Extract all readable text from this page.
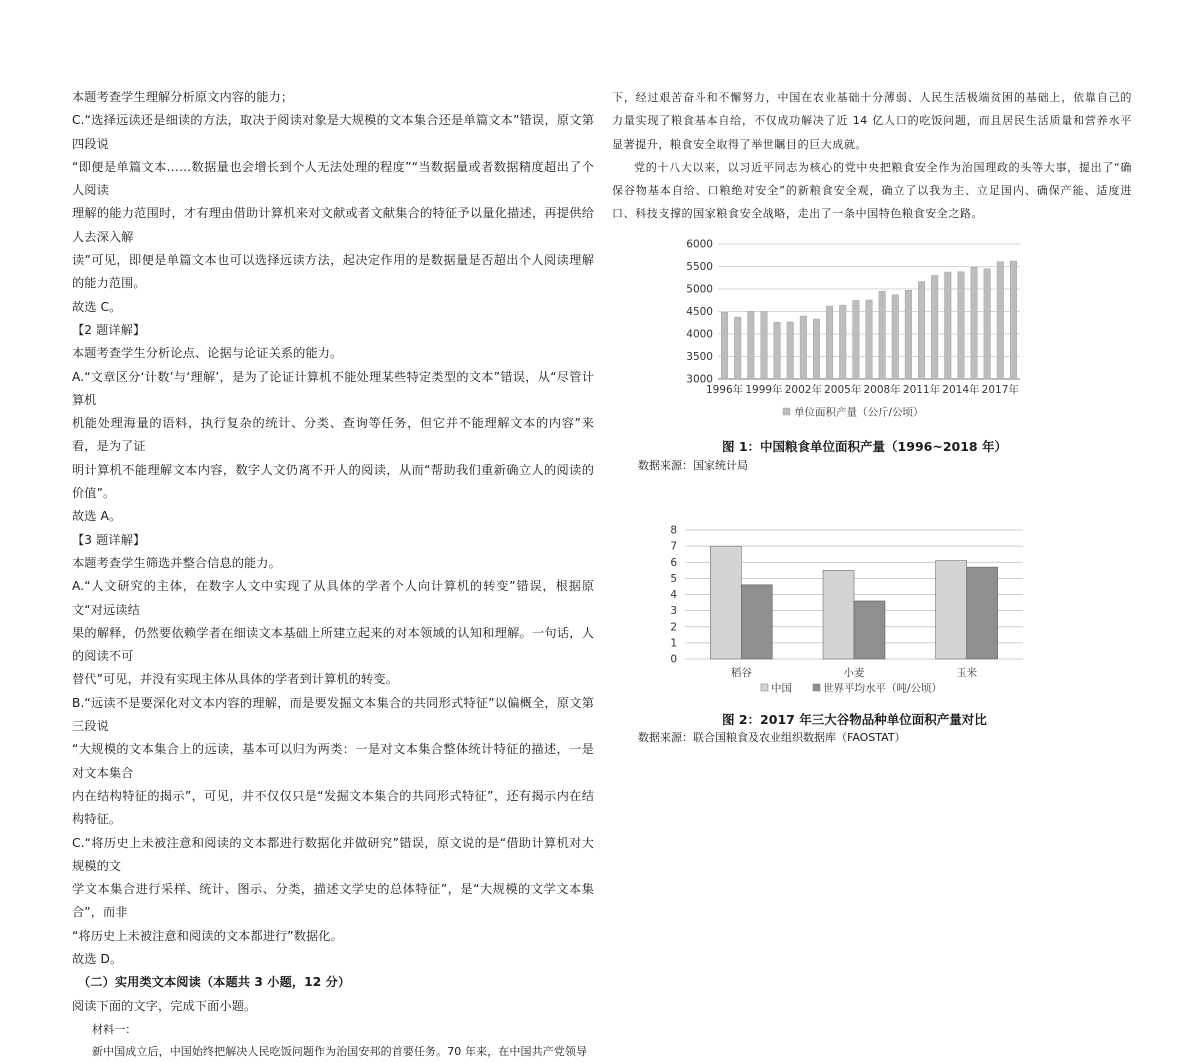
本题考查学生理解分析原文内容的能力；

C.“选择远读还是细读的方法，取决于阅读对象是大规模的文本集合还是单篇文本”错误，原文第四段说

“即便是单篇文本……数据量也会增长到个人无法处理的程度”“当数据量或者数据精度超出了个人阅读

理解的能力范围时，才有理由借助计算机来对文献或者文献集合的特征予以量化描述，再提供给人去深入解

读”可见，即便是单篇文本也可以选择远读方法，起决定作用的是数据量是否超出个人阅读理解的能力范围。

故选 C。

【2 题详解】

本题考查学生分析论点、论据与论证关系的能力。

A.“文章区分‘计数’与‘理解’，是为了论证计算机不能处理某些特定类型的文本”错误，从“尽管计算机

机能处理海量的语料，执行复杂的统计、分类、查询等任务，但它并不能理解文本的内容”来看，是为了证

明计算机不能理解文本内容，数字人文仍离不开人的阅读，从而“帮助我们重新确立人的阅读的价值”。

故选 A。

【3 题详解】

本题考查学生筛选并整合信息的能力。

A.“人文研究的主体，在数字人文中实现了从具体的学者个人向计算机的转变”错误，根据原文“对远读结

果的解释，仍然要依赖学者在细读文本基础上所建立起来的对本领域的认知和理解。一句话，人的阅读不可

替代”可见，并没有实现主体从具体的学者到计算机的转变。

B.“远读不是要深化对文本内容的理解，而是要发掘文本集合的共同形式特征”以偏概全，原文第三段说

“大规模的文本集合上的远读，基本可以归为两类：一是对文本集合整体统计特征的描述，一是对文本集合

内在结构特征的揭示”，可见，并不仅仅只是“发掘文本集合的共同形式特征”，还有揭示内在结构特征。

C.“将历史上未被注意和阅读的文本都进行数据化并做研究”错误，原文说的是“借助计算机对大规模的文

学文本集合进行采样、统计、图示、分类，描述文学史的总体特征”，是“大规模的文学文本集合”，而非

“将历史上未被注意和阅读的文本都进行”数据化。

故选 D。

（二）实用类文本阅读（本题共 3 小题，12 分）

阅读下面的文字，完成下面小题。

材料一：

新中国成立后，中国始终把解决人民吃饭问题作为治国安邦的首要任务。70 年来，在中国共产党领导

下，经过艰苦奋斗和不懈努力，中国在农业基础十分薄弱、人民生活极端贫困的基础上，依靠自己的力量实现了粮食基本自给，不仅成功解决了近 14 亿人口的吃饭问题，而且居民生活质量和营养水平显著提升，粮食安全取得了举世瞩目的巨大成就。

党的十八大以来，以习近平同志为核心的党中央把粮食安全作为治国理政的头等大事，提出了“确保谷物基本自给、口粮绝对安全”的新粮食安全观，确立了以我为主、立足国内、确保产能、适度进口、科技支撑的国家粮食安全战略，走出了一条中国特色粮食安全之路。

3000
3500
4000
4500
5000
5500
6000
1996年 1999年 2002年 2005年 2008年 2011年 2014年 2017年
单位面积产量（公斤/公顷）
图 1：中国粮食单位面积产量（1996~2018 年）
数据来源：国家统计局
0
1
2
3
4
5
6
7
8
稻谷	小麦	玉米
中国	世界平均水平（吨/公顷）
图 2：2017 年三大谷物品种单位面积产量对比
数据来源：联合国粮食及农业组织数据库（FAOSTAT）
